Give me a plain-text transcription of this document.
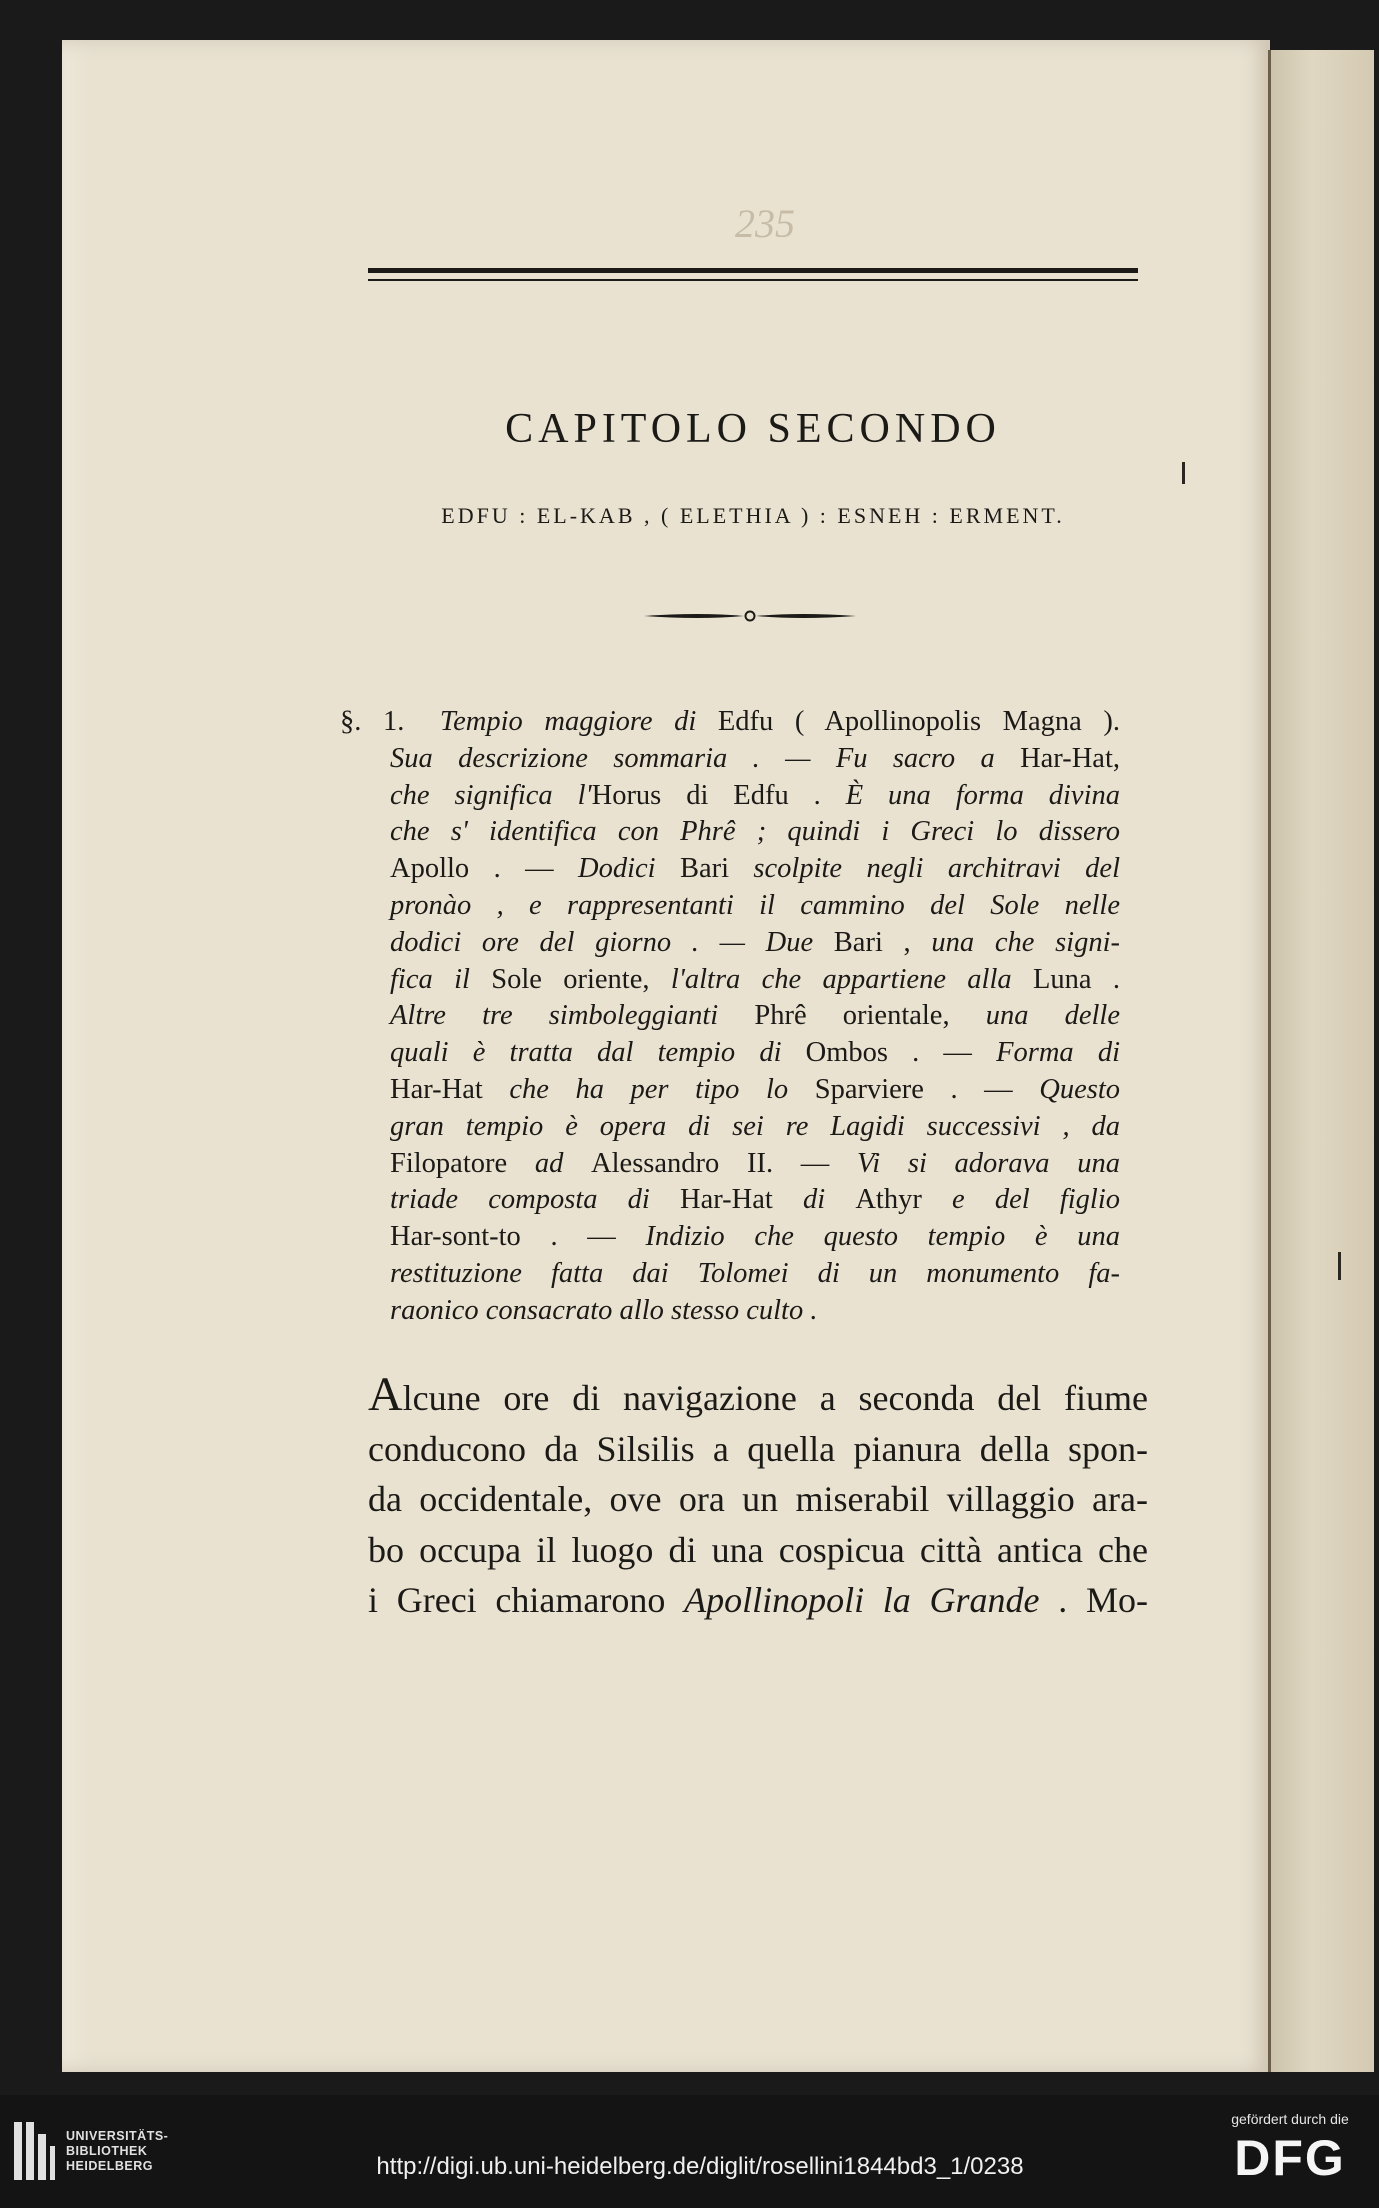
235
CAPITOLO SECONDO
EDFU : EL-KAB , ( ELETHIA ) : ESNEH : ERMENT.
§. 1. Tempio maggiore di Edfu ( Apollinopolis Magna ).
Sua descrizione sommaria . — Fu sacro a Har-Hat,
che significa l'Horus di Edfu . È una forma divina
che s' identifica con Phrê ; quindi i Greci lo dissero
Apollo . — Dodici Bari scolpite negli architravi del
pronào , e rappresentanti il cammino del Sole nelle
dodici ore del giorno . — Due Bari , una che signi-
fica il Sole oriente, l'altra che appartiene alla Luna .
Altre tre simboleggianti Phrê orientale, una delle
quali è tratta dal tempio di Ombos . — Forma di
Har-Hat che ha per tipo lo Sparviere . — Questo
gran tempio è opera di sei re Lagidi successivi , da
Filopatore ad Alessandro II. — Vi si adorava una
triade composta di Har-Hat di Athyr e del figlio
Har-sont-to . — Indizio che questo tempio è una
restituzione fatta dai Tolomei di un monumento fa-
raonico consacrato allo stesso culto .
Alcune ore di navigazione a seconda del fiume
conducono da Silsilis a quella pianura della spon-
da occidentale, ove ora un miserabil villaggio ara-
bo occupa il luogo di una cospicua città antica che
i Greci chiamarono Apollinopoli la Grande . Mo-
UNIVERSITÄTS-
BIBLIOTHEK
HEIDELBERG	http://digi.ub.uni-heidelberg.de/diglit/rosellini1844bd3_1/0238
gefördert durch die
DFG
